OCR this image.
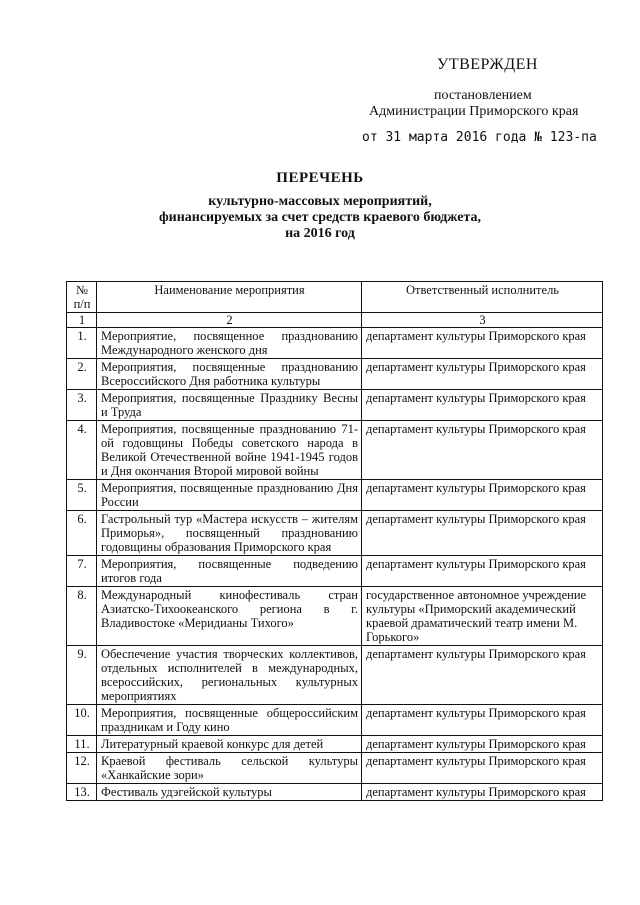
УТВЕРЖДЕН
постановлением
Администрации Приморского края
от 31 марта 2016 года № 123-па
ПЕРЕЧЕНЬ
культурно-массовых мероприятий,
финансируемых за счет средств краевого бюджета,
на 2016 год
№ п/п	Наименование мероприятия	Ответственный исполнитель
1	2	3
1.	Мероприятие, посвященное празднованию Международного женского дня	департамент культуры Приморского края
2.	Мероприятия, посвященные празднованию Всероссийского Дня работника культуры	департамент культуры Приморского края
3.	Мероприятия, посвященные Празднику Весны и Труда	департамент культуры Приморского края
4.	Мероприятия, посвященные празднованию 71-ой годовщины Победы советского народа в Великой Отечественной войне 1941-1945 годов и Дня окончания Второй мировой войны	департамент культуры Приморского края
5.	Мероприятия, посвященные празднованию Дня России	департамент культуры Приморского края
6.	Гастрольный тур «Мастера искусств – жителям Приморья», посвященный празднованию годовщины образования Приморского края	департамент культуры Приморского края
7.	Мероприятия, посвященные подведению итогов года	департамент культуры Приморского края
8.	Международный кинофестиваль стран Азиатско-Тихоокеанского региона в г. Владивостоке «Меридианы Тихого»	государственное автономное учреждение культуры «Приморский академический краевой драматический театр имени М. Горького»
9.	Обеспечение участия творческих коллективов, отдельных исполнителей в международных, всероссийских, региональных культурных мероприятиях	департамент культуры Приморского края
10.	Мероприятия, посвященные общероссийским праздникам и Году кино	департамент культуры Приморского края
11.	Литературный краевой конкурс для детей	департамент культуры Приморского края
12.	Краевой фестиваль сельской культуры «Ханкайские зори»	департамент культуры Приморского края
13.	Фестиваль удэгейской культуры	департамент культуры Приморского края
